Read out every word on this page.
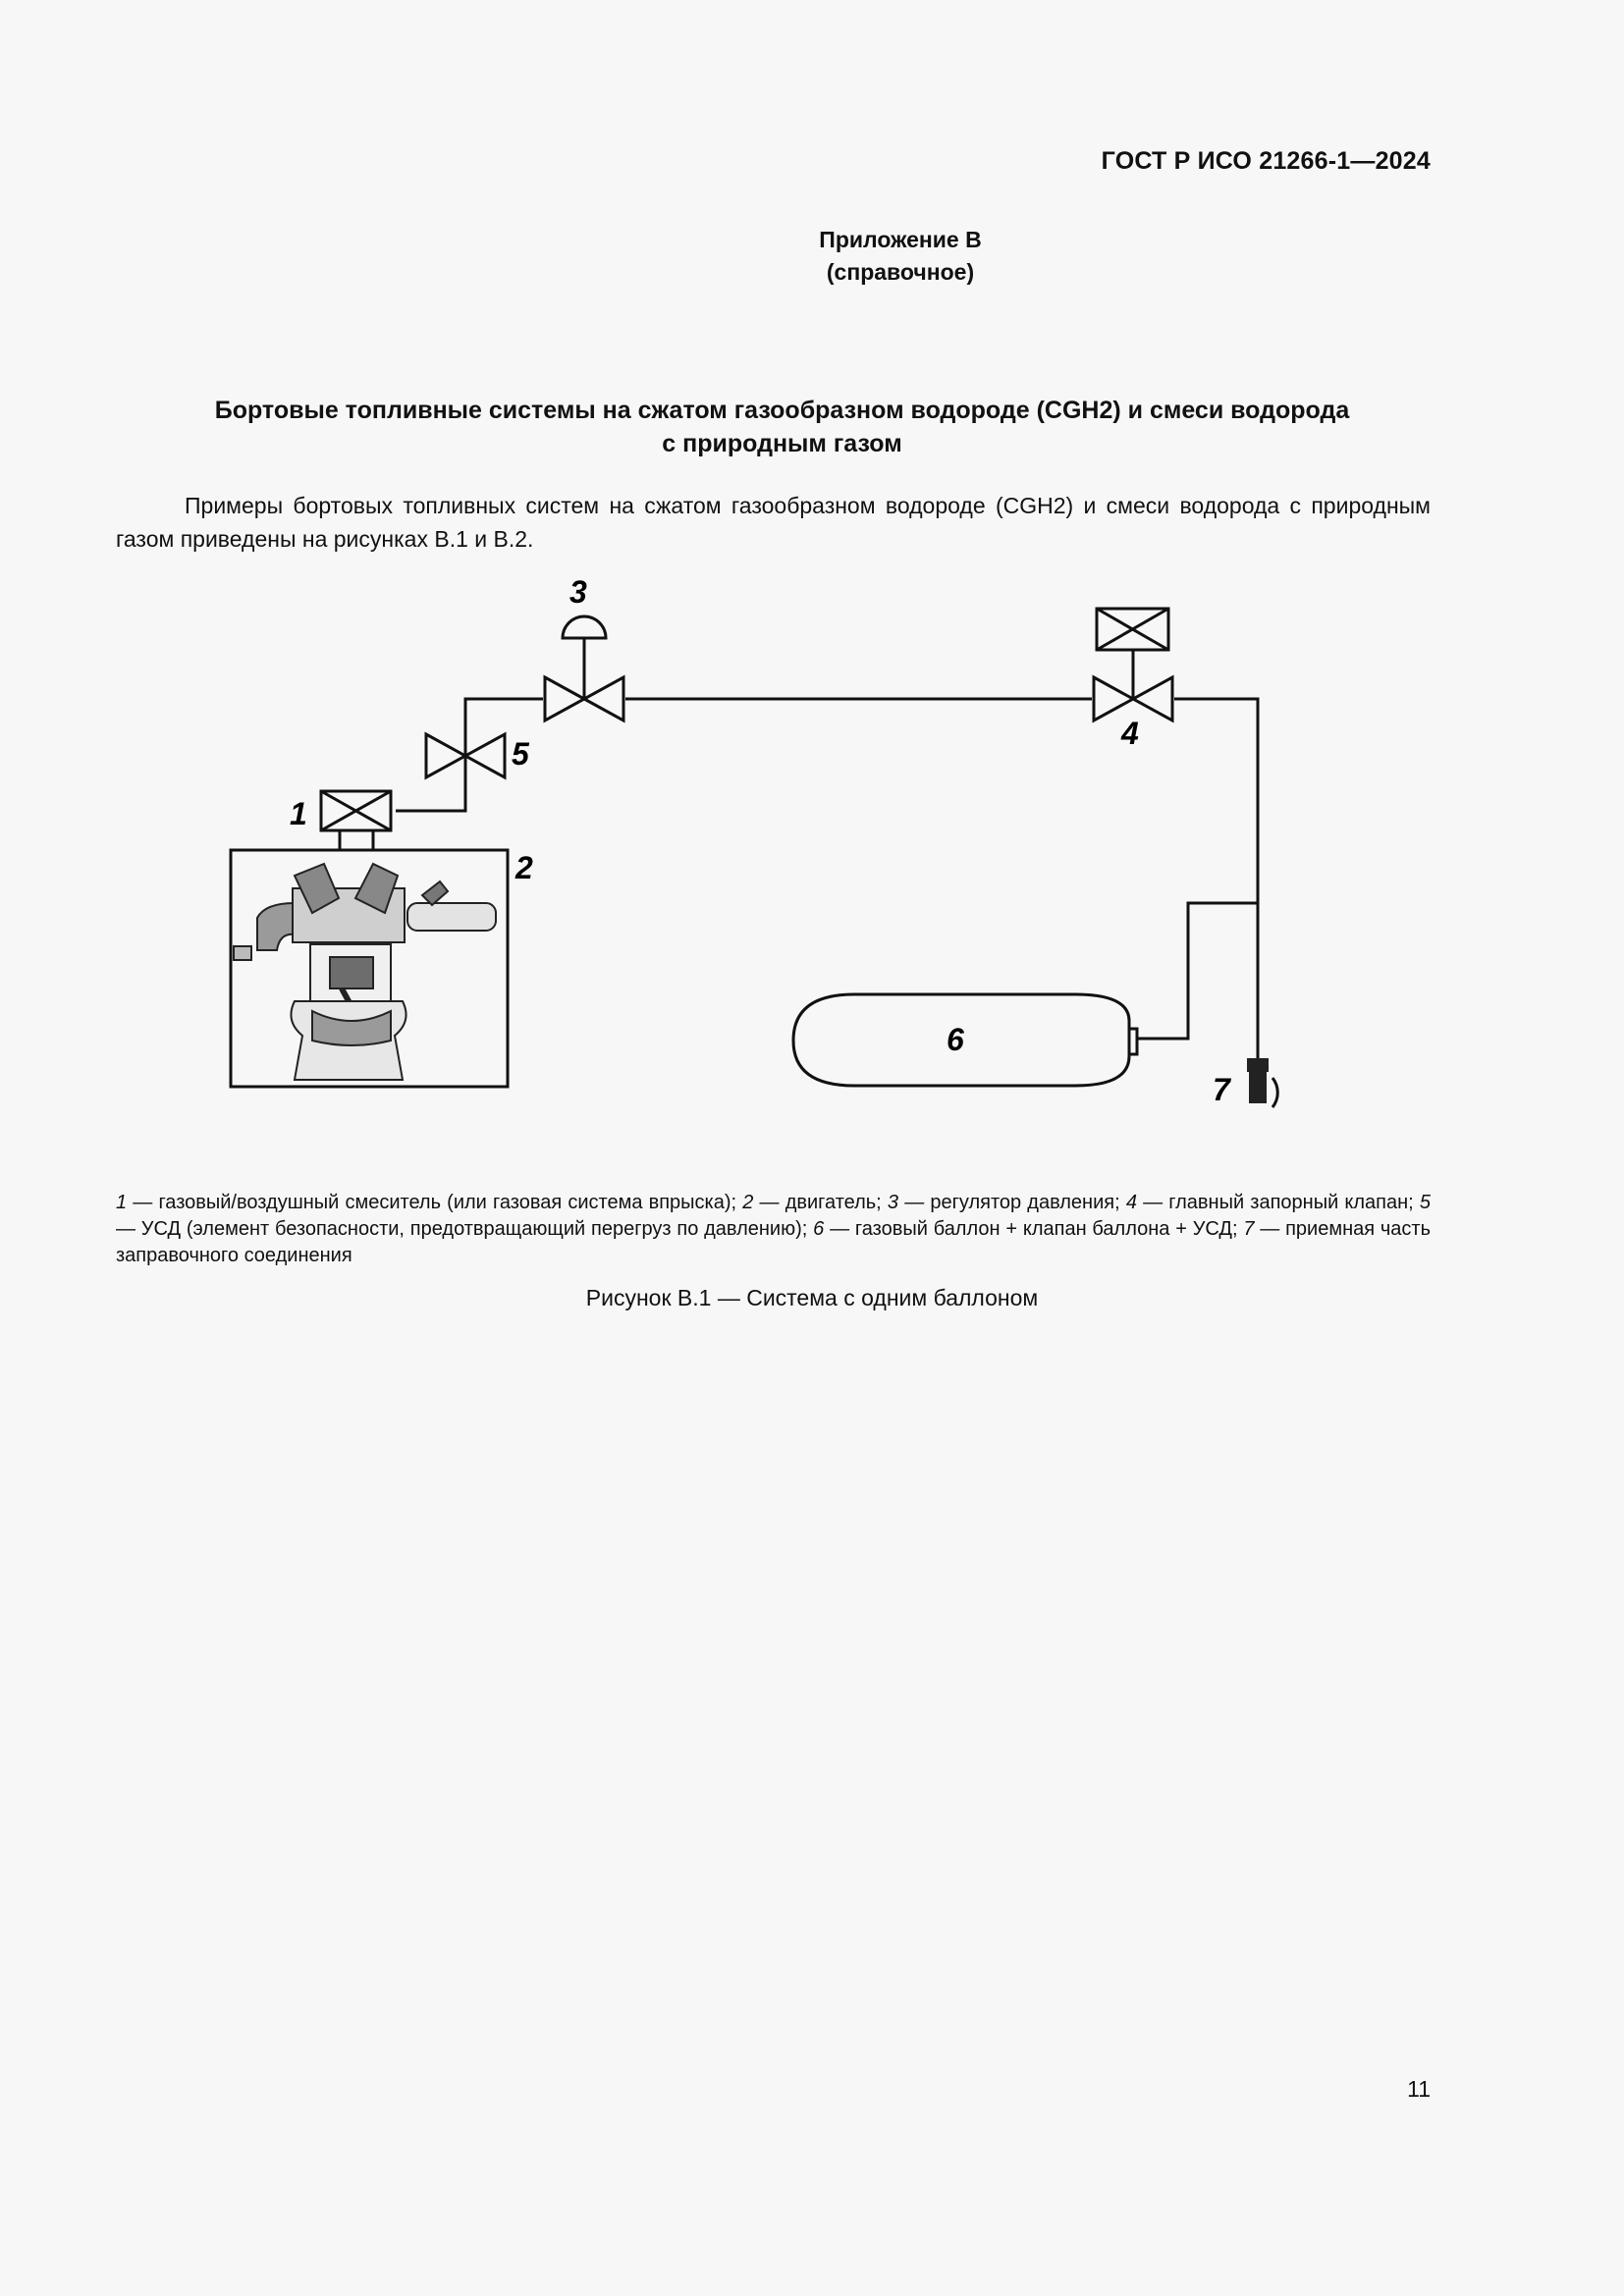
ГОСТ Р ИСО 21266-1—2024
Приложение В
(справочное)
Бортовые топливные системы на сжатом газообразном водороде (CGH2) и смеси водорода
с природным газом
Примеры бортовых топливных систем на сжатом газообразном водороде (CGH2) и смеси водорода с природным газом приведены на рисунках В.1 и В.2.
3
5
4
1
2
6
7
1 — газовый/воздушный смеситель (или газовая система впрыска); 2 — двигатель; 3 — регулятор давления; 4 — главный запорный клапан; 5 — УСД (элемент безопасности, предотвращающий перегруз по давлению); 6 — газовый баллон + клапан баллона + УСД; 7 — приемная часть заправочного соединения
Рисунок В.1 — Система с одним баллоном
11
